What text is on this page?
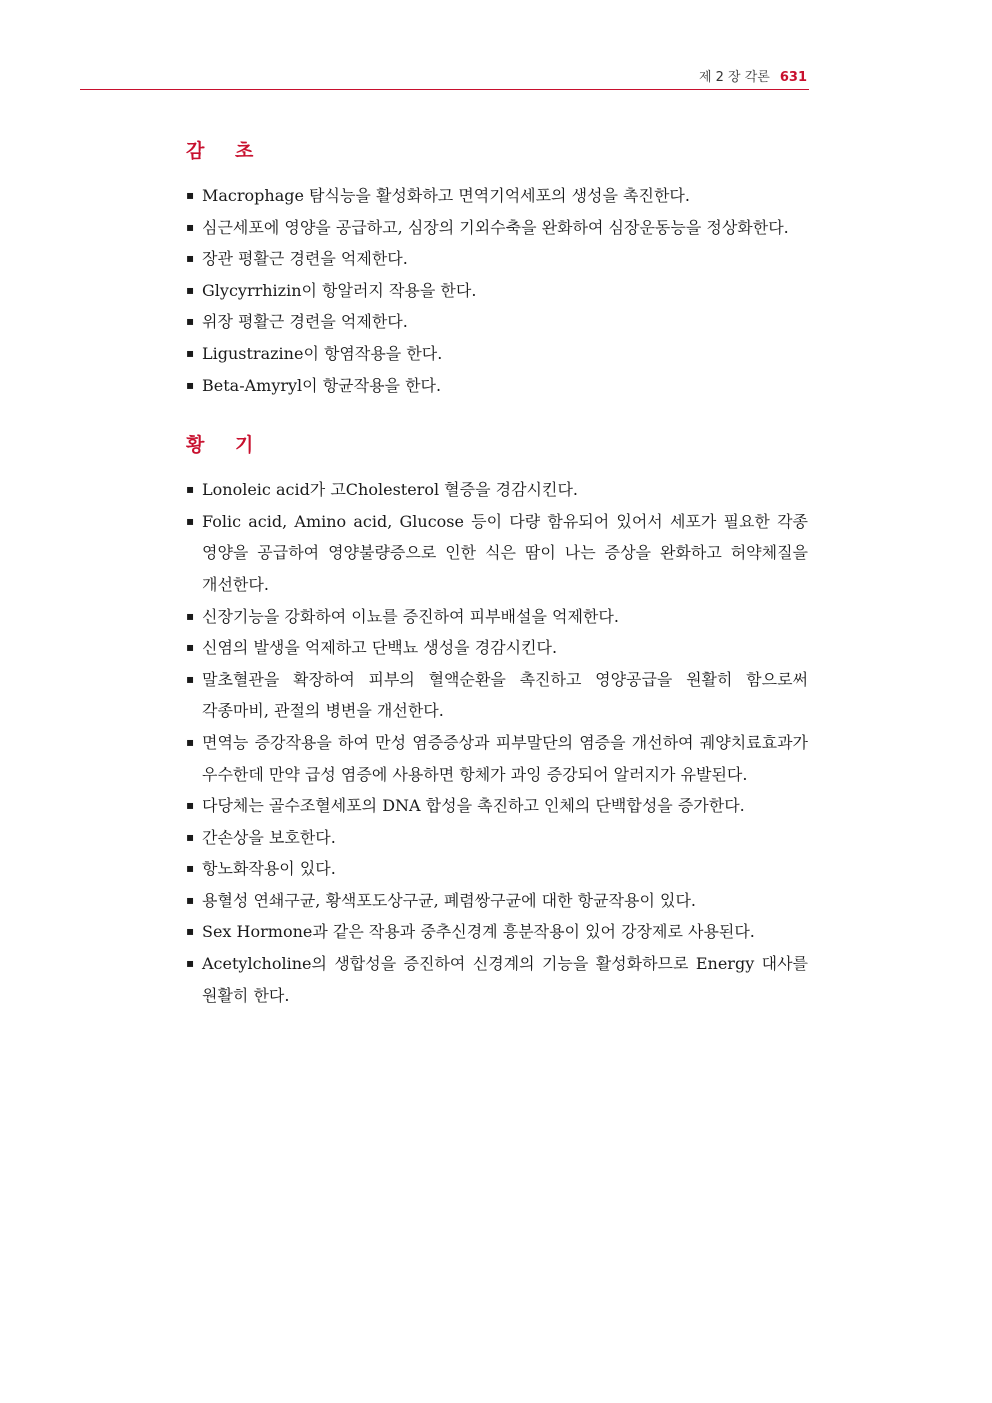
제 2 장 각론 631
감 초
▪ Macrophage 탐식능을 활성화하고 면역기억세포의 생성을 촉진한다.
▪ 심근세포에 영양을 공급하고, 심장의 기외수축을 완화하여 심장운동능을 정상화한다.
▪ 장관 평활근 경련을 억제한다.
▪ Glycyrrhizin이 항알러지 작용을 한다.
▪ 위장 평활근 경련을 억제한다.
▪ Ligustrazine이 항염작용을 한다.
▪ Beta-Amyryl이 항균작용을 한다.
황 기
▪ Lonoleic acid가 고Cholesterol 혈증을 경감시킨다.
▪ Folic acid, Amino acid, Glucose 등이 다량 함유되어 있어서 세포가 필요한 각종 영양을 공급하여 영양불량증으로 인한 식은 땀이 나는 증상을 완화하고 허약체질을 개선한다.
▪ 신장기능을 강화하여 이뇨를 증진하여 피부배설을 억제한다.
▪ 신염의 발생을 억제하고 단백뇨 생성을 경감시킨다.
▪ 말초혈관을 확장하여 피부의 혈액순환을 촉진하고 영양공급을 원활히 함으로써 각종마비, 관절의 병변을 개선한다.
▪ 면역능 증강작용을 하여 만성 염증증상과 피부말단의 염증을 개선하여 궤양치료효과가 우수한데 만약 급성 염증에 사용하면 항체가 과잉 증강되어 알러지가 유발된다.
▪ 다당체는 골수조혈세포의 DNA 합성을 촉진하고 인체의 단백합성을 증가한다.
▪ 간손상을 보호한다.
▪ 항노화작용이 있다.
▪ 용혈성 연쇄구균, 황색포도상구균, 폐렴쌍구균에 대한 항균작용이 있다.
▪ Sex Hormone과 같은 작용과 중추신경계 흥분작용이 있어 강장제로 사용된다.
▪ Acetylcholine의 생합성을 증진하여 신경계의 기능을 활성화하므로 Energy 대사를 원활히 한다.
